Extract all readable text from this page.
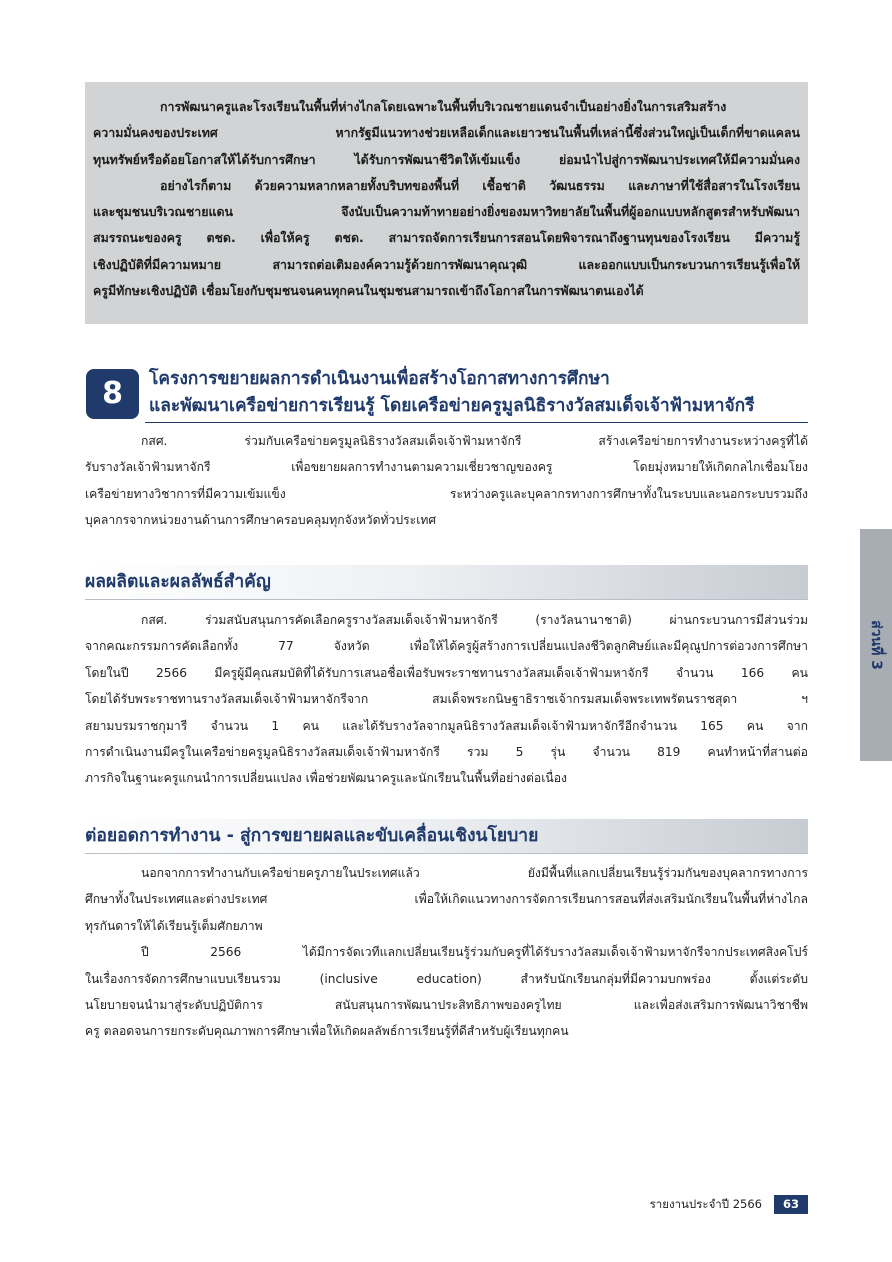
การพัฒนาครูและโรงเรียนในพื้นที่ห่างไกลโดยเฉพาะในพื้นที่บริเวณชายแดนจำเป็นอย่างยิ่งในการเสริมสร้าง

ความมั่นคงของประเทศ หากรัฐมีแนวทางช่วยเหลือเด็กและเยาวชนในพื้นที่เหล่านี้ซึ่งส่วนใหญ่เป็นเด็กที่ขาดแคลน

ทุนทรัพย์หรือด้อยโอกาสให้ได้รับการศึกษา ได้รับการพัฒนาชีวิตให้เข้มแข็ง ย่อมนำไปสู่การพัฒนาประเทศให้มีความมั่นคง

อย่างไรก็ตาม ด้วยความหลากหลายทั้งบริบทของพื้นที่ เชื้อชาติ วัฒนธรรม และภาษาที่ใช้สื่อสารในโรงเรียน

และชุมชนบริเวณชายแดน จึงนับเป็นความท้าทายอย่างยิ่งของมหาวิทยาลัยในพื้นที่ผู้ออกแบบหลักสูตรสำหรับพัฒนา

สมรรถนะของครู ตชด. เพื่อให้ครู ตชด. สามารถจัดการเรียนการสอนโดยพิจารณาถึงฐานทุนของโรงเรียน มีความรู้

เชิงปฏิบัติที่มีความหมาย สามารถต่อเติมองค์ความรู้ด้วยการพัฒนาคุณวุฒิ และออกแบบเป็นกระบวนการเรียนรู้เพื่อให้

ครูมีทักษะเชิงปฏิบัติ เชื่อมโยงกับชุมชนจนคนทุกคนในชุมชนสามารถเข้าถึงโอกาสในการพัฒนาตนเองได้

8	โครงการขยายผลการดำเนินงานเพื่อสร้างโอกาสทางการศึกษา
และพัฒนาเครือข่ายการเรียนรู้ โดยเครือข่ายครูมูลนิธิรางวัลสมเด็จเจ้าฟ้ามหาจักรี
กสศ. ร่วมกับเครือข่ายครูมูลนิธิรางวัลสมเด็จเจ้าฟ้ามหาจักรี สร้างเครือข่ายการทำงานระหว่างครูที่ได้
รับรางวัลเจ้าฟ้ามหาจักรี เพื่อขยายผลการทำงานตามความเชี่ยวชาญของครู โดยมุ่งหมายให้เกิดกลไกเชื่อมโยง
เครือข่ายทางวิชาการที่มีความเข้มแข็ง ระหว่างครูและบุคลากรทางการศึกษาทั้งในระบบและนอกระบบรวมถึง
บุคลากรจากหน่วยงานด้านการศึกษาครอบคลุมทุกจังหวัดทั่วประเทศ
ผลผลิตและผลลัพธ์สำคัญ
กสศ. ร่วมสนับสนุนการคัดเลือกครูรางวัลสมเด็จเจ้าฟ้ามหาจักรี (รางวัลนานาชาติ) ผ่านกระบวนการมีส่วนร่วม
จากคณะกรรมการคัดเลือกทั้ง 77 จังหวัด เพื่อให้ได้ครูผู้สร้างการเปลี่ยนแปลงชีวิตลูกศิษย์และมีคุณูปการต่อวงการศึกษา
โดยในปี 2566 มีครูผู้มีคุณสมบัติที่ได้รับการเสนอชื่อเพื่อรับพระราชทานรางวัลสมเด็จเจ้าฟ้ามหาจักรี จำนวน 166 คน
โดยได้รับพระราชทานรางวัลสมเด็จเจ้าฟ้ามหาจักรีจาก สมเด็จพระกนิษฐาธิราชเจ้ากรมสมเด็จพระเทพรัตนราชสุดา ฯ
สยามบรมราชกุมารี จำนวน 1 คน และได้รับรางวัลจากมูลนิธิรางวัลสมเด็จเจ้าฟ้ามหาจักรีอีกจำนวน 165 คน จาก
การดำเนินงานมีครูในเครือข่ายครูมูลนิธิรางวัลสมเด็จเจ้าฟ้ามหาจักรี รวม 5 รุ่น จำนวน 819 คนทำหน้าที่สานต่อ
ภารกิจในฐานะครูแกนนำการเปลี่ยนแปลง เพื่อช่วยพัฒนาครูและนักเรียนในพื้นที่อย่างต่อเนื่อง
ต่อยอดการทำงาน - สู่การขยายผลและขับเคลื่อนเชิงนโยบาย
นอกจากการทำงานกับเครือข่ายครูภายในประเทศแล้ว ยังมีพื้นที่แลกเปลี่ยนเรียนรู้ร่วมกันของบุคลากรทางการ
ศึกษาทั้งในประเทศและต่างประเทศ เพื่อให้เกิดแนวทางการจัดการเรียนการสอนที่ส่งเสริมนักเรียนในพื้นที่ห่างไกล
ทุรกันดารให้ได้เรียนรู้เต็มศักยภาพ
ปี 2566 ได้มีการจัดเวทีแลกเปลี่ยนเรียนรู้ร่วมกับครูที่ได้รับรางวัลสมเด็จเจ้าฟ้ามหาจักรีจากประเทศสิงคโปร์
ในเรื่องการจัดการศึกษาแบบเรียนรวม (inclusive education) สำหรับนักเรียนกลุ่มที่มีความบกพร่อง ตั้งแต่ระดับ
นโยบายจนนำมาสู่ระดับปฏิบัติการ สนับสนุนการพัฒนาประสิทธิภาพของครูไทย และเพื่อส่งเสริมการพัฒนาวิชาชีพ
ครู ตลอดจนการยกระดับคุณภาพการศึกษาเพื่อให้เกิดผลลัพธ์การเรียนรู้ที่ดีสำหรับผู้เรียนทุกคน
ส่วนที่ 3
รายงานประจำปี 2566	63
